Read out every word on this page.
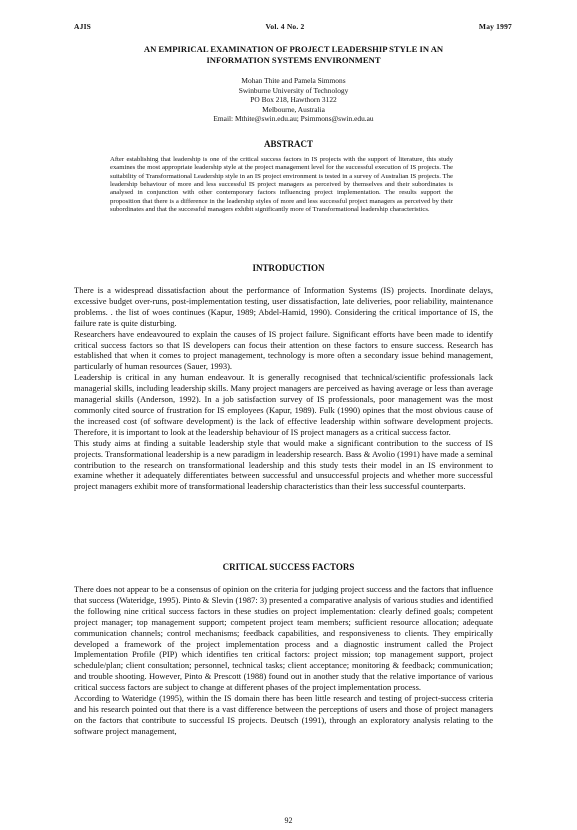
AJIS	Vol. 4 No. 2	May 1997
AN EMPIRICAL EXAMINATION OF PROJECT LEADERSHIP STYLE IN AN
INFORMATION SYSTEMS ENVIRONMENT
Mohan Thite and Pamela Simmons
Swinburne University of Technology
PO Box 218, Hawthorn 3122
Melbourne, Australia
Email: Mthite@swin.edu.au; Psimmons@swin.edu.au
ABSTRACT
After establishing that leadership is one of the critical success factors in IS projects with the support of literature, this study examines the most appropriate leadership style at the project management level for the successful execution of IS projects. The suitability of Transformational Leadership style in an IS project environment is tested in a survey of Australian IS projects. The leadership behaviour of more and less successful IS project managers as perceived by themselves and their subordinates is analysed in conjunction with other contemporary factors influencing project implementation. The results support the proposition that there is a difference in the leadership styles of more and less successful project managers as perceived by their subordinates and that the successful managers exhibit significantly more of Transformational leadership characteristics.
INTRODUCTION

There is a widespread dissatisfaction about the performance of Information Systems (IS) projects. Inordinate delays, excessive budget over-runs, post-implementation testing, user dissatisfaction, late deliveries, poor reliability, maintenance problems. . the list of woes continues (Kapur, 1989; Abdel-Hamid, 1990). Considering the critical importance of IS, the failure rate is quite disturbing.

Researchers have endeavoured to explain the causes of IS project failure. Significant efforts have been made to identify critical success factors so that IS developers can focus their attention on these factors to ensure success. Research has established that when it comes to project management, technology is more often a secondary issue behind management, particularly of human resources (Sauer, 1993).

Leadership is critical in any human endeavour. It is generally recognised that technical/scientific professionals lack managerial skills, including leadership skills. Many project managers are perceived as having average or less than average managerial skills (Anderson, 1992). In a job satisfaction survey of IS professionals, poor management was the most commonly cited source of frustration for IS employees (Kapur, 1989). Fulk (1990) opines that the most obvious cause of the increased cost (of software development) is the lack of effective leadership within software development projects. Therefore, it is important to look at the leadership behaviour of IS project managers as a critical success factor.

This study aims at finding a suitable leadership style that would make a significant contribution to the success of IS projects. Transformational leadership is a new paradigm in leadership research. Bass & Avolio (1991) have made a seminal contribution to the research on transformational leadership and this study tests their model in an IS environment to examine whether it adequately differentiates between successful and unsuccessful projects and whether more successful project managers exhibit more of transformational leadership characteristics than their less successful counterparts.

CRITICAL SUCCESS FACTORS

There does not appear to be a consensus of opinion on the criteria for judging project success and the factors that influence that success (Wateridge, 1995). Pinto & Slevin (1987: 3) presented a comparative analysis of various studies and identified the following nine critical success factors in these studies on project implementation: clearly defined goals; competent project manager; top management support; competent project team members; sufficient resource allocation; adequate communication channels; control mechanisms; feedback capabilities, and responsiveness to clients. They empirically developed a framework of the project implementation process and a diagnostic instrument called the Project Implementation Profile (PIP) which identifies ten critical factors: project mission; top management support, project schedule/plan; client consultation; personnel, technical tasks; client acceptance; monitoring & feedback; communication; and trouble shooting. However, Pinto & Prescott (1988) found out in another study that the relative importance of various critical success factors are subject to change at different phases of the project implementation process.

According to Wateridge (1995), within the IS domain there has been little research and testing of project-success criteria and his research pointed out that there is a vast difference between the perceptions of users and those of project managers on the factors that contribute to successful IS projects. Deutsch (1991), through an exploratory analysis relating to the software project management,

92
